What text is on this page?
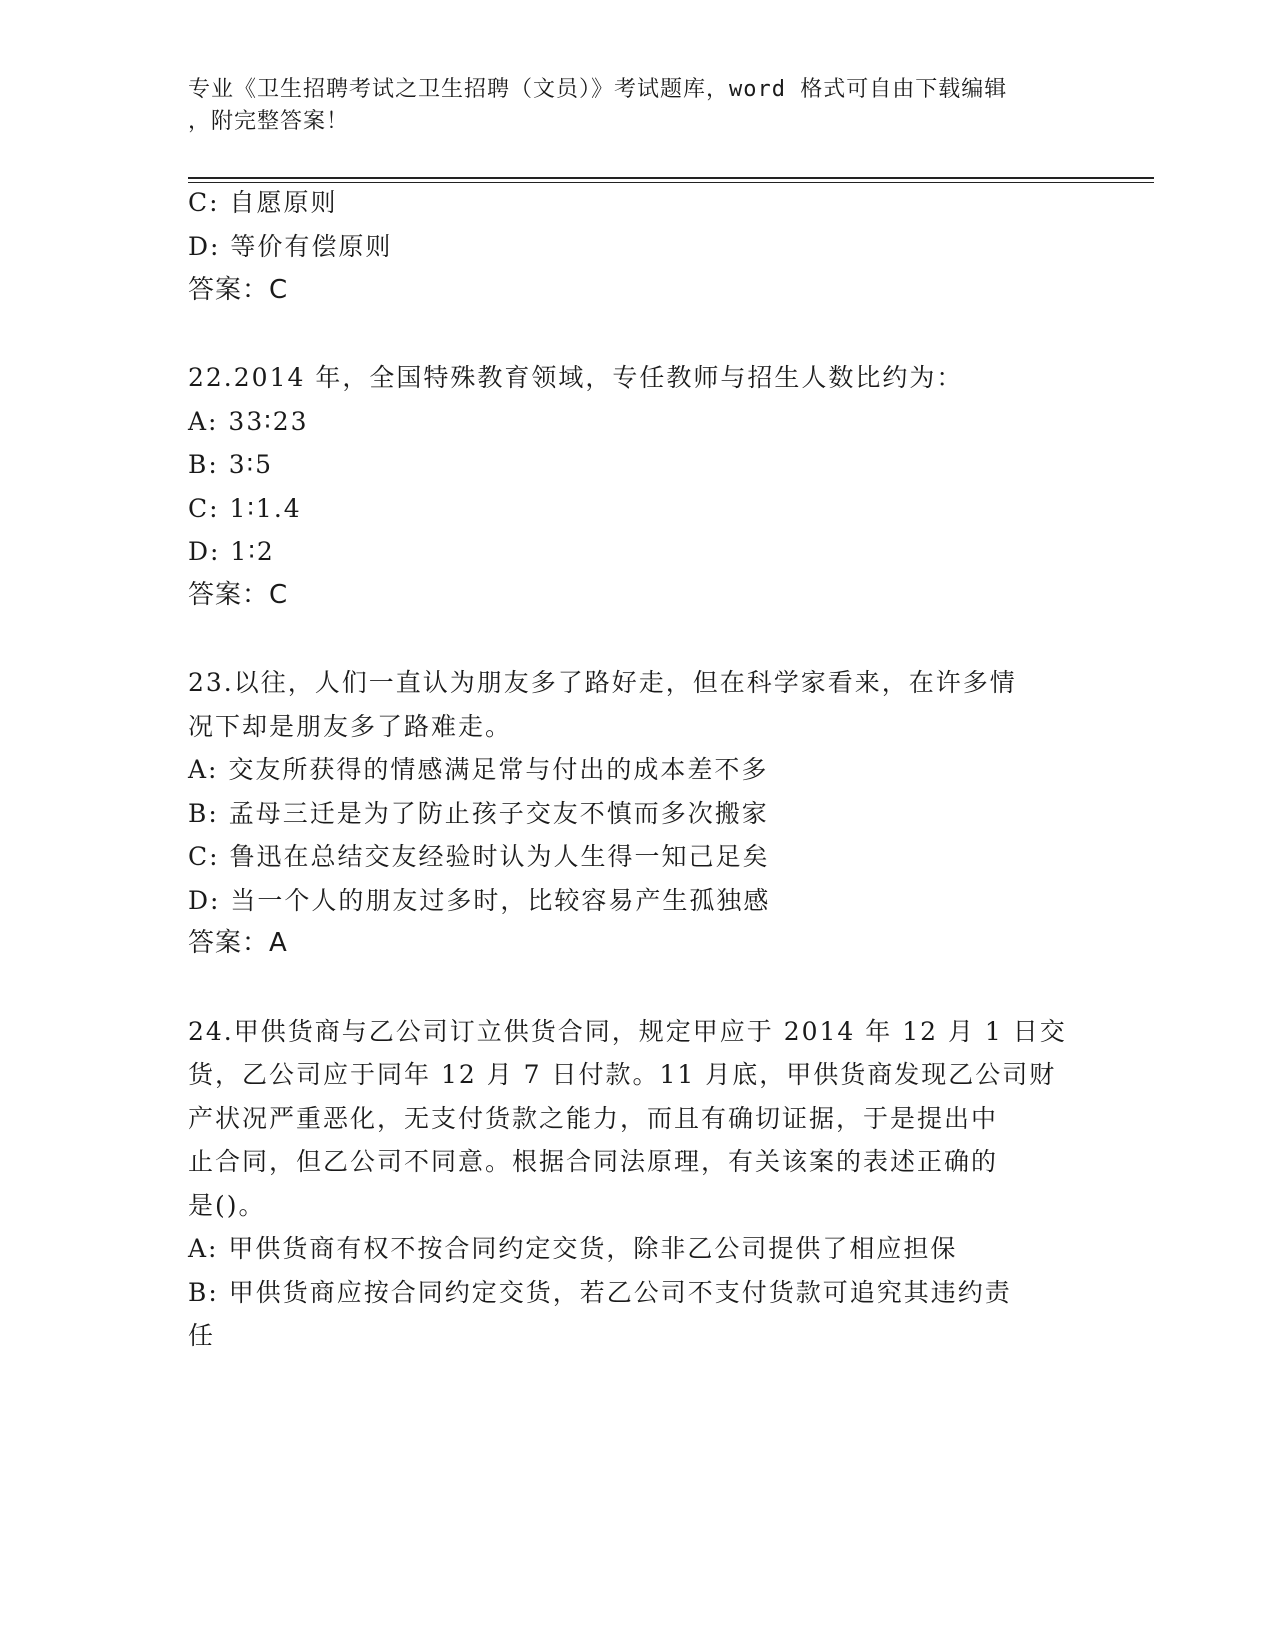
专业《卫生招聘考试之卫生招聘（文员）》考试题库，word 格式可自由下载编辑
，附完整答案！
C: 自愿原则
D: 等价有偿原则
答案：C
22.2014 年，全国特殊教育领域，专任教师与招生人数比约为：
A: 33∶23
B: 3∶5
C: 1∶1.4
D: 1∶2
答案：C
23.以往，人们一直认为朋友多了路好走，但在科学家看来，在许多情
况下却是朋友多了路难走。
A: 交友所获得的情感满足常与付出的成本差不多
B: 孟母三迁是为了防止孩子交友不慎而多次搬家
C: 鲁迅在总结交友经验时认为人生得一知己足矣
D: 当一个人的朋友过多时，比较容易产生孤独感
答案：A
24.甲供货商与乙公司订立供货合同，规定甲应于 2014 年 12 月 1 日交
货，乙公司应于同年 12 月 7 日付款。11 月底，甲供货商发现乙公司财
产状况严重恶化，无支付货款之能力，而且有确切证据，于是提出中
止合同，但乙公司不同意。根据合同法原理，有关该案的表述正确的
是()。
A: 甲供货商有权不按合同约定交货，除非乙公司提供了相应担保
B: 甲供货商应按合同约定交货，若乙公司不支付货款可追究其违约责
任
